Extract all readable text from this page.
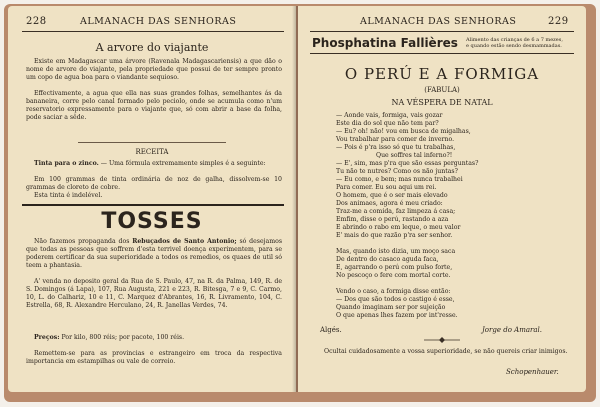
228	ALMANACH DAS SENHORAS
A arvore do viajante
Existe em Madagascar uma árvore (Ravenala Madagascariensis) a que dão o nome de arvore do viajante, pela propriedade que possui de ter sempre pronto um copo de agua boa para o viandante sequioso.
Effectivamente, a agua que ella nas suas grandes folhas, semelhantes ás da bananeira, corre pelo canal formado pelo peciolo, onde se acumula como n'um reservatorio expressamente para o viajante que, só com abrir a base da folha, pode saciar a sêde.
RECEITA
Tinta para o zinco. — Uma fórmula extremamente simples é a seguinte:
Em 100 grammas de tinta ordinária de noz de galha, dissolvem-se 10 grammas de cloreto de cobre.
Esta tinta é indelével.
TOSSES
Não fazemos propaganda dos Rebuçados de Santo Antonio; só desejamos que todas as pessoas que soffrem d'esta terrivel doença experimentem, para se poderem certificar da sua superioridade a todos os remedios, os quaes de util só teem a phantasia.
A' venda no deposito geral da Rua de S. Paulo, 47, na R. da Palma, 149, R. de S. Domingos (á Lapa), 107, Rua Augusta, 221 e 223, R. Bitesga, 7 e 9, C. Carmo, 10, L. do Calhariz, 10 e 11, C. Marquez d'Abrantes, 16, R. Livramento, 104, C. Estrella, 68, R. Alexandre Herculano, 24, R. Janellas Verdes, 74.
Preços: Por kilo, 800 réis; por pacote, 100 réis.
Remettem-se para as provincias e estrangeiro em troca da respectiva importancia em estampilhas ou vale de correio.
ALMANACH DAS SENHORAS	229
Phosphatina Fallières Alimento das crianças de 6 a 7 mezes,
e quando estão sendo desmammadas.
O PERÚ E A FORMIGA
(FABULA)
NA VÉSPERA DE NATAL
— Aonde vais, formiga, vais gozar
Este dia do sol que não tem par?
— Eu? oh! não! vou em busca de migalhas,
Vou trabalhar para comer de inverno.
— Pois é p'ra isso só que tu trabalhas,
Que soffres tal inferno?!
— E', sim, mas p'ra que são essas perguntas?
Tu não te nutres? Como os não juntas?
— Eu como, e bem; mas nunca trabalhei
Para comer. Eu sou aqui um rei.
O homem, que é o ser mais elevado
Dos animaes, agora é meu criado:
Traz-me a comida, faz limpeza á casa;
Emfim, disse o perú, rastando a aza
E abrindo o rabo em leque, o meu valor
E' mais do que razão p'ra ser senhor.
Mas, quando isto dizia, um moço saca
De dentro do casaco aguda faca,
E, agarrando o perú com pulso forte,
No pescoço o fere com mortal corte.
Vendo o caso, a formiga disse então:
— Dos que são todos o castigo é esse,
Quando imaginam ser por sujeição
O que apenas lhes fazem por int'resse.
Algés.	Jorge do Amaral.
Ocultai cuidadosamente a vossa superioridade, se não quereis criar inimigos.
Schopenhauer.
